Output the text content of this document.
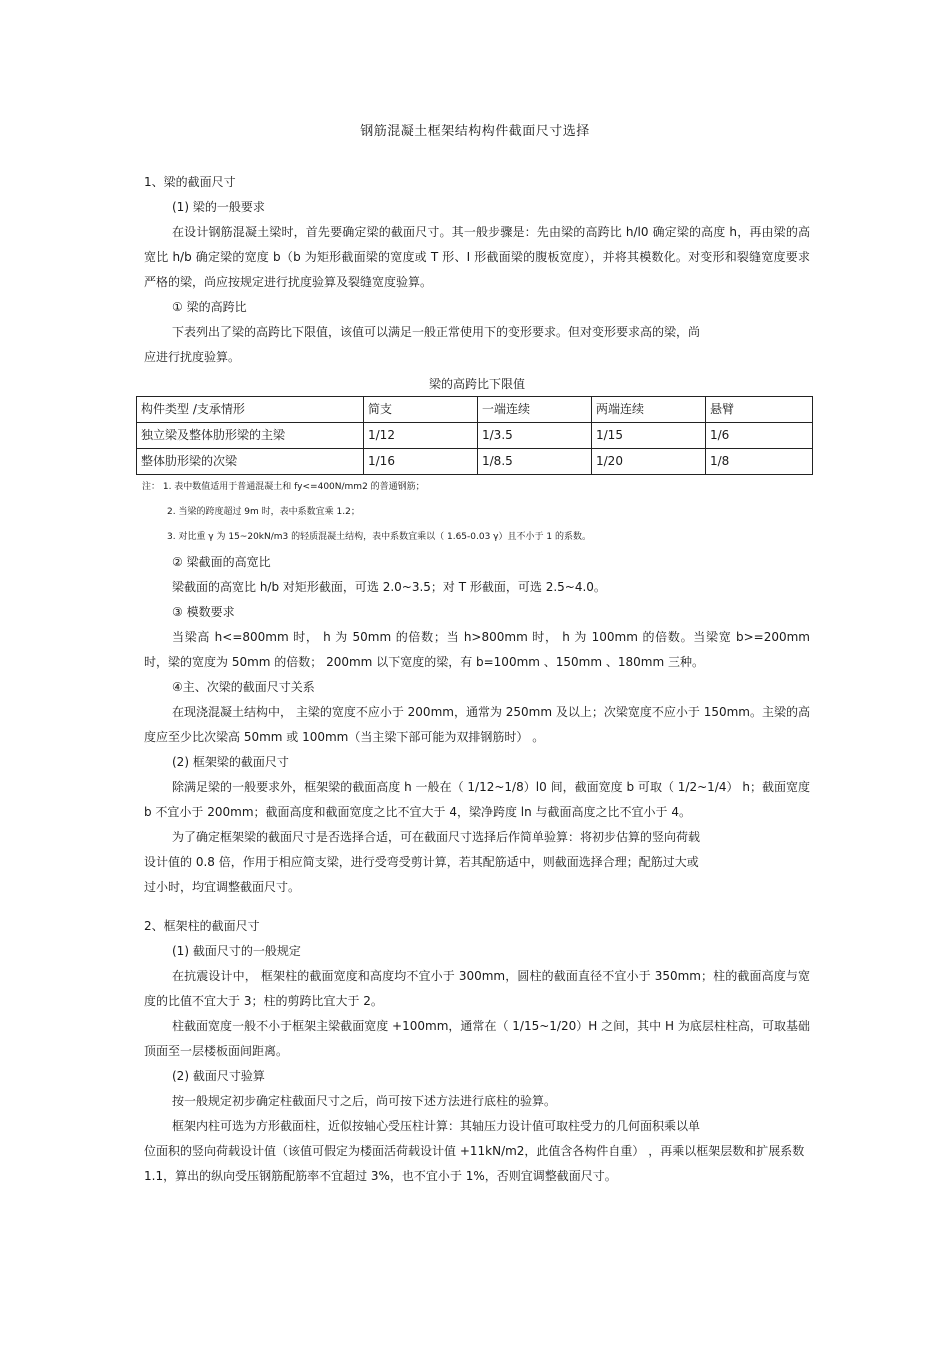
钢筋混凝土框架结构构件截面尺寸选择
1、梁的截面尺寸
(1) 梁的一般要求
在设计钢筋混凝土梁时，首先要确定梁的截面尺寸。其一般步骤是：先由梁的高跨比 h/l0 确定梁的高度 h，再由梁的高宽比 h/b 确定梁的宽度 b（b 为矩形截面梁的宽度或 T 形、I 形截面梁的腹板宽度），并将其模数化。对变形和裂缝宽度要求严格的梁，尚应按规定进行扰度验算及裂缝宽度验算。
① 梁的高跨比
下表列出了梁的高跨比下限值，该值可以满足一般正常使用下的变形要求。但对变形要求高的梁，尚
应进行扰度验算。
梁的高跨比下限值
构件类型 /支承情形	简支	一端连续	两端连续	悬臂
独立梁及整体肋形梁的主梁	1/12	1/3.5	1/15	1/6
整体肋形梁的次梁	1/16	1/8.5	1/20	1/8
注： 1. 表中数值适用于普通混凝土和 fy<=400N/mm2 的普通钢筋；
2. 当梁的跨度超过 9m 时，表中系数宜乘 1.2；
3. 对比重 γ 为 15~20kN/m3 的轻质混凝土结构，表中系数宜乘以（ 1.65-0.03 γ）且不小于 1 的系数。
② 梁截面的高宽比
梁截面的高宽比 h/b 对矩形截面，可选 2.0~3.5；对 T 形截面，可选 2.5~4.0。
③ 模数要求
当梁高 h<=800mm 时， h 为 50mm 的倍数；当 h>800mm 时， h 为 100mm 的倍数。当梁宽 b>=200mm 时，梁的宽度为 50mm 的倍数； 200mm 以下宽度的梁，有 b=100mm 、150mm 、180mm 三种。
④主、次梁的截面尺寸关系
在现浇混凝土结构中， 主梁的宽度不应小于 200mm，通常为 250mm 及以上；次梁宽度不应小于 150mm。主梁的高度应至少比次梁高 50mm 或 100mm（当主梁下部可能为双排钢筋时） 。
(2) 框架梁的截面尺寸
除满足梁的一般要求外，框架梁的截面高度 h 一般在（ 1/12~1/8）l0 间，截面宽度 b 可取（ 1/2~1/4） h；截面宽度 b 不宜小于 200mm；截面高度和截面宽度之比不宜大于 4，梁净跨度 ln 与截面高度之比不宜小于 4。
为了确定框架梁的截面尺寸是否选择合适，可在截面尺寸选择后作简单验算：将初步估算的竖向荷载
设计值的 0.8 倍，作用于相应简支梁，进行受弯受剪计算，若其配筋适中，则截面选择合理；配筋过大或
过小时，均宜调整截面尺寸。
2、框架柱的截面尺寸
(1) 截面尺寸的一般规定
在抗震设计中， 框架柱的截面宽度和高度均不宜小于 300mm，圆柱的截面直径不宜小于 350mm；柱的截面高度与宽度的比值不宜大于 3；柱的剪跨比宜大于 2。
柱截面宽度一般不小于框架主梁截面宽度 +100mm，通常在（ 1/15~1/20）H 之间，其中 H 为底层柱柱高，可取基础顶面至一层楼板面间距离。
(2) 截面尺寸验算
按一般规定初步确定柱截面尺寸之后，尚可按下述方法进行底柱的验算。
框架内柱可选为方形截面柱，近似按轴心受压柱计算：其轴压力设计值可取柱受力的几何面积乘以单
位面积的竖向荷载设计值（该值可假定为楼面活荷载设计值 +11kN/m2，此值含各构件自重） ，再乘以框架层数和扩展系数 1.1，算出的纵向受压钢筋配筋率不宜超过 3%，也不宜小于 1%，否则宜调整截面尺寸。
